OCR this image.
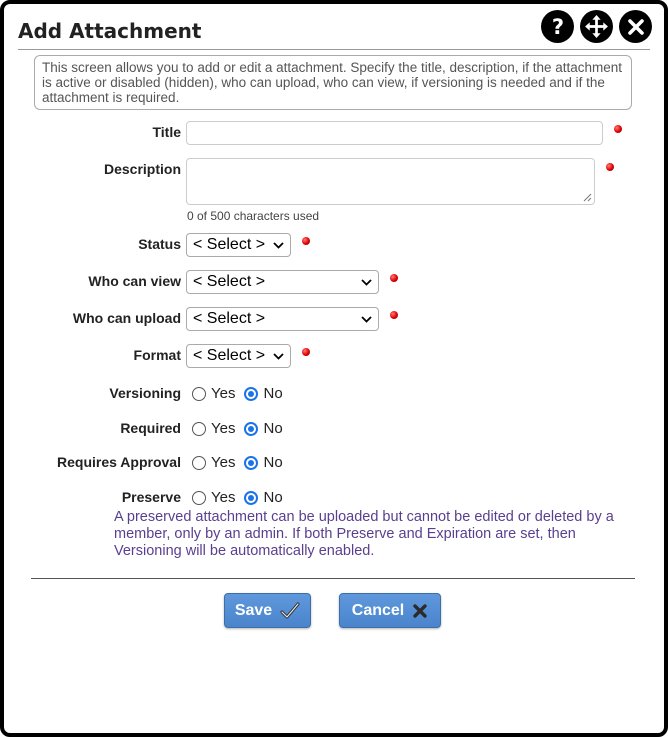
Add Attachment	?
This screen allows you to add or edit a attachment. Specify the title, description, if the attachment is active or disabled (hidden), who can upload, who can view, if versioning is needed and if the attachment is required.
Title
Description
0 of 500 characters used
Status < Select >
Who can view < Select >
Who can upload < Select >
Format < Select >
Versioning Yes No
Required Yes No
Requires Approval Yes No
Preserve Yes No
A preserved attachment can be uploaded but cannot be edited or deleted by a member, only by an admin. If both Preserve and Expiration are set, then Versioning will be automatically enabled.
Save	Cancel
